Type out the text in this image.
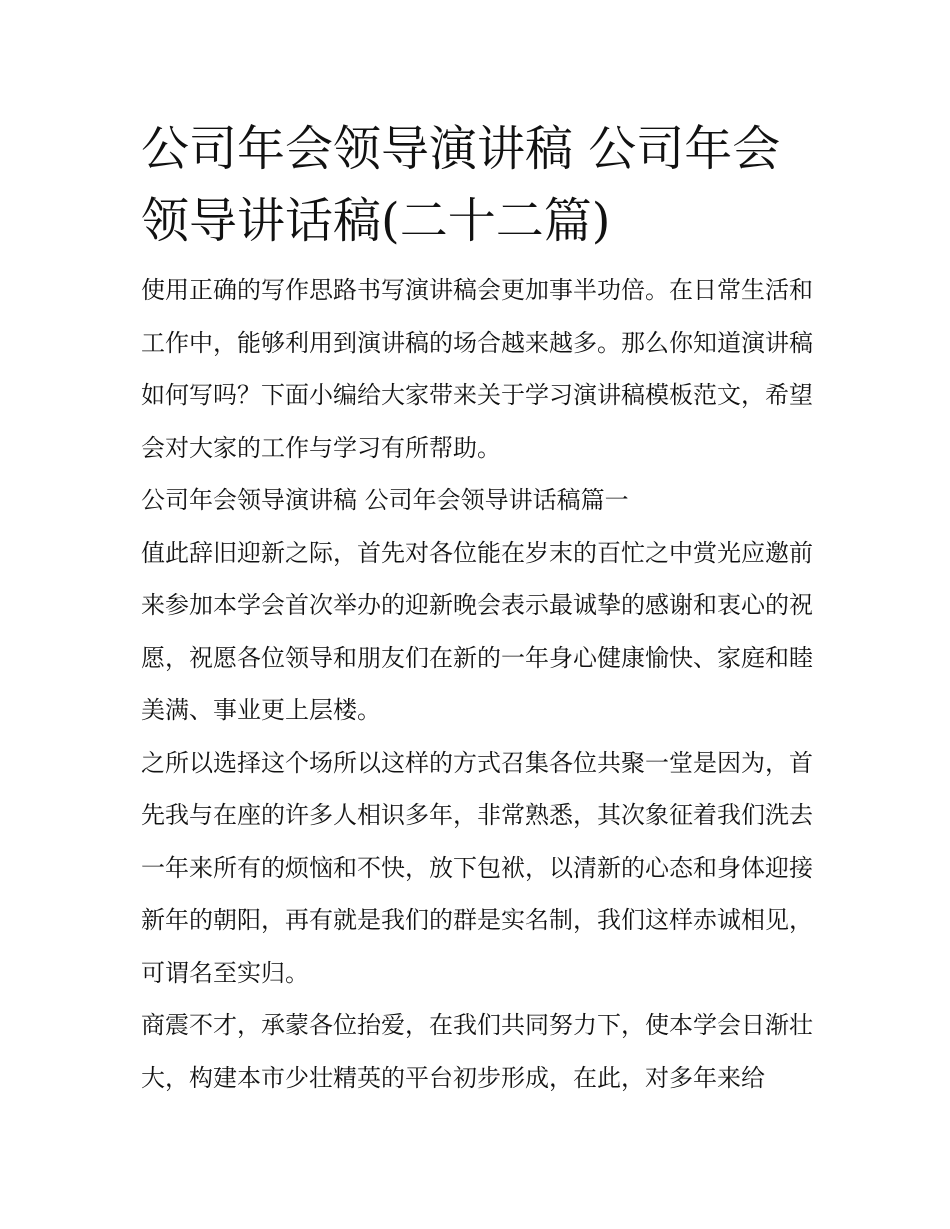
公司年会领导演讲稿 公司年会领导讲话稿(二十二篇)

使用正确的写作思路书写演讲稿会更加事半功倍。在日常生活和工作中，能够利用到演讲稿的场合越来越多。那么你知道演讲稿如何写吗？下面小编给大家带来关于学习演讲稿模板范文，希望会对大家的工作与学习有所帮助。

公司年会领导演讲稿 公司年会领导讲话稿篇一

值此辞旧迎新之际，首先对各位能在岁末的百忙之中赏光应邀前来参加本学会首次举办的迎新晚会表示最诚挚的感谢和衷心的祝愿，祝愿各位领导和朋友们在新的一年身心健康愉快、家庭和睦美满、事业更上层楼。

之所以选择这个场所以这样的方式召集各位共聚一堂是因为，首先我与在座的许多人相识多年，非常熟悉，其次象征着我们洗去一年来所有的烦恼和不快，放下包袱，以清新的心态和身体迎接新年的朝阳，再有就是我们的群是实名制，我们这样赤诚相见，可谓名至实归。

商震不才，承蒙各位抬爱，在我们共同努力下，使本学会日渐壮大，构建本市少壮精英的平台初步形成，在此，对多年来给
